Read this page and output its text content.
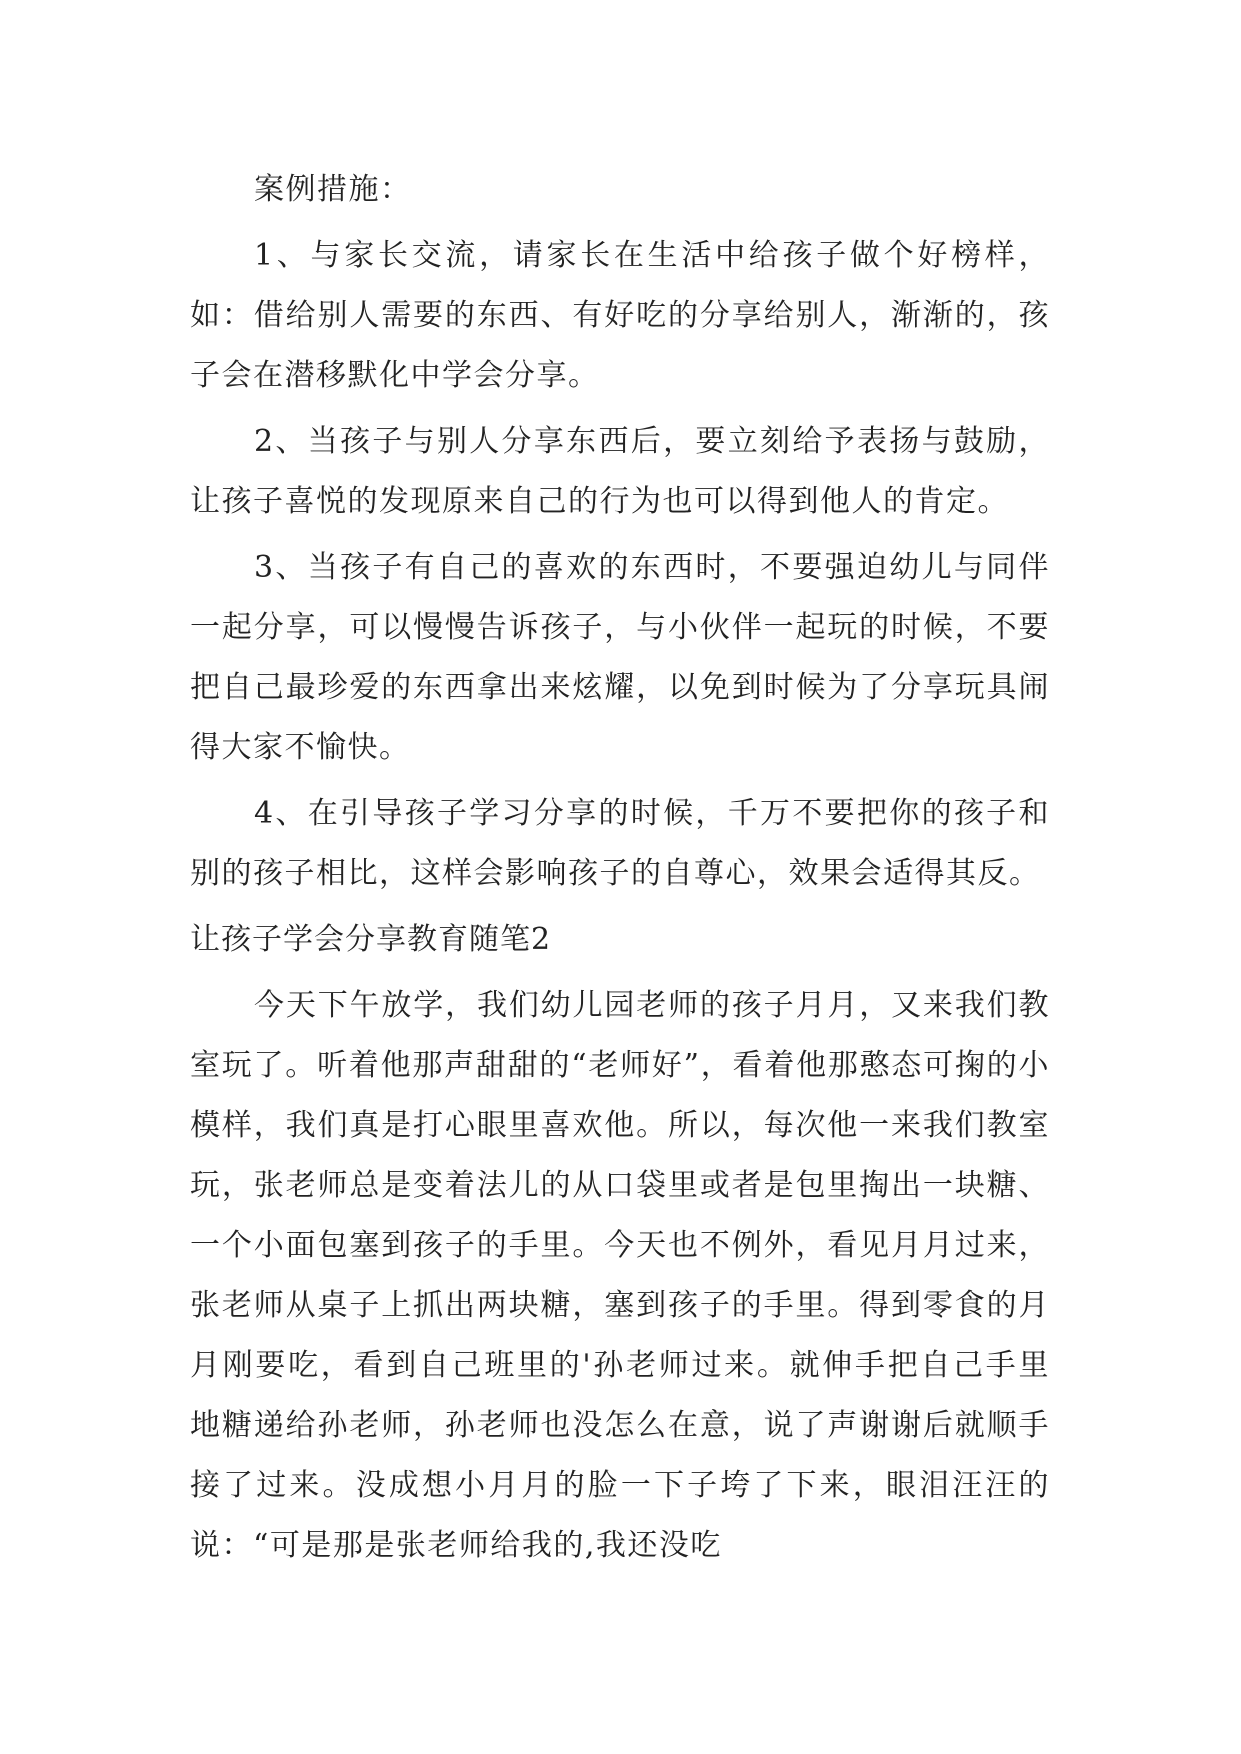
案例措施：

1、与家长交流，请家长在生活中给孩子做个好榜样，如：借给别人需要的东西、有好吃的分享给别人，渐渐的，孩子会在潜移默化中学会分享。

2、当孩子与别人分享东西后，要立刻给予表扬与鼓励，让孩子喜悦的发现原来自己的行为也可以得到他人的肯定。

3、当孩子有自己的喜欢的东西时，不要强迫幼儿与同伴一起分享，可以慢慢告诉孩子，与小伙伴一起玩的时候，不要把自己最珍爱的东西拿出来炫耀，以免到时候为了分享玩具闹得大家不愉快。

4、在引导孩子学习分享的时候，千万不要把你的孩子和别的孩子相比，这样会影响孩子的自尊心，效果会适得其反。

让孩子学会分享教育随笔2

今天下午放学，我们幼儿园老师的孩子月月，又来我们教室玩了。听着他那声甜甜的“老师好”，看着他那憨态可掬的小模样，我们真是打心眼里喜欢他。所以，每次他一来我们教室玩，张老师总是变着法儿的从口袋里或者是包里掏出一块糖、一个小面包塞到孩子的手里。今天也不例外，看见月月过来，张老师从桌子上抓出两块糖，塞到孩子的手里。得到零食的月月刚要吃，看到自己班里的'孙老师过来。就伸手把自己手里地糖递给孙老师，孙老师也没怎么在意，说了声谢谢后就顺手接了过来。没成想小月月的脸一下子垮了下来，眼泪汪汪的说：“可是那是张老师给我的,我还没吃
